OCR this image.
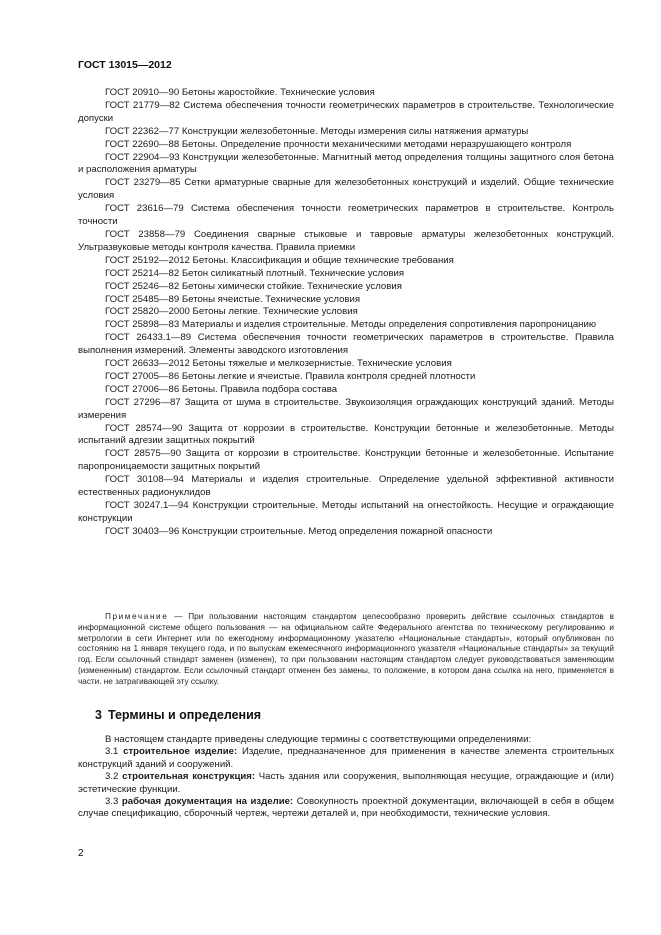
ГОСТ 13015—2012

ГОСТ 20910—90 Бетоны жаростойкие. Технические условия

ГОСТ 21779—82 Система обеспечения точности геометрических параметров в строительстве. Технологические допуски

ГОСТ 22362—77 Конструкции железобетонные. Методы измерения силы натяжения арматуры

ГОСТ 22690—88 Бетоны. Определение прочности механическими методами неразрушающего контроля

ГОСТ 22904—93 Конструкции железобетонные. Магнитный метод определения толщины защитного слоя бетона и расположения арматуры

ГОСТ 23279—85 Сетки арматурные сварные для железобетонных конструкций и изделий. Общие технические условия

ГОСТ 23616—79 Система обеспечения точности геометрических параметров в строительстве. Контроль точности

ГОСТ 23858—79 Соединения сварные стыковые и тавровые арматуры железобетонных конструкций. Ультразвуковые методы контроля качества. Правила приемки

ГОСТ 25192—2012 Бетоны. Классификация и общие технические требования

ГОСТ 25214—82 Бетон силикатный плотный. Технические условия

ГОСТ 25246—82 Бетоны химически стойкие. Технические условия

ГОСТ 25485—89 Бетоны ячеистые. Технические условия

ГОСТ 25820—2000 Бетоны легкие. Технические условия

ГОСТ 25898—83 Материалы и изделия строительные. Методы определения сопротивления паропроницанию

ГОСТ 26433.1—89 Система обеспечения точности геометрических параметров в строительстве. Правила выполнения измерений. Элементы заводского изготовления

ГОСТ 26633—2012 Бетоны тяжелые и мелкозернистые. Технические условия

ГОСТ 27005—86 Бетоны легкие и ячеистые. Правила контроля средней плотности

ГОСТ 27006—86 Бетоны. Правила подбора состава

ГОСТ 27296—87 Защита от шума в строительстве. Звукоизоляция ограждающих конструкций зданий. Методы измерения

ГОСТ 28574—90 Защита от коррозии в строительстве. Конструкции бетонные и железобетонные. Методы испытаний адгезии защитных покрытий

ГОСТ 28575—90 Защита от коррозии в строительстве. Конструкции бетонные и железобетонные. Испытание паропроницаемости защитных покрытий

ГОСТ 30108—94 Материалы и изделия строительные. Определение удельной эффективной активности естественных радионуклидов

ГОСТ 30247.1—94 Конструкции строительные. Методы испытаний на огнестойкость. Несущие и ограждающие конструкции

ГОСТ 30403—96 Конструкции строительные. Метод определения пожарной опасности

Примечание — При пользовании настоящим стандартом целесообразно проверить действие ссылочных стандартов в информационной системе общего пользования — на официальном сайте Федерального агентства по техническому регулированию и метрологии в сети Интернет или по ежегодному информационному указателю «Национальные стандарты», который опубликован по состоянию на 1 января текущего года, и по выпускам ежемесячного информационного указателя «Национальные стандарты» за текущий год. Если ссылочный стандарт заменен (изменен), то при пользовании настоящим стандартом следует руководствоваться заменяющим (измененным) стандартом. Если ссылочный стандарт отменен без замены, то положение, в котором дана ссылка на него, применяется в части. не затрагивающей эту ссылку.
3 Термины и определения

В настоящем стандарте приведены следующие термины с соответствующими определениями:

3.1 строительное изделие: Изделие, предназначенное для применения в качестве элемента строительных конструкций зданий и сооружений.

3.2 строительная конструкция: Часть здания или сооружения, выполняющая несущие, ограждающие и (или) эстетические функции.

3.3 рабочая документация на изделие: Совокупность проектной документации, включающей в себя в общем случае спецификацию, сборочный чертеж, чертежи деталей и, при необходимости, технические условия.

2
